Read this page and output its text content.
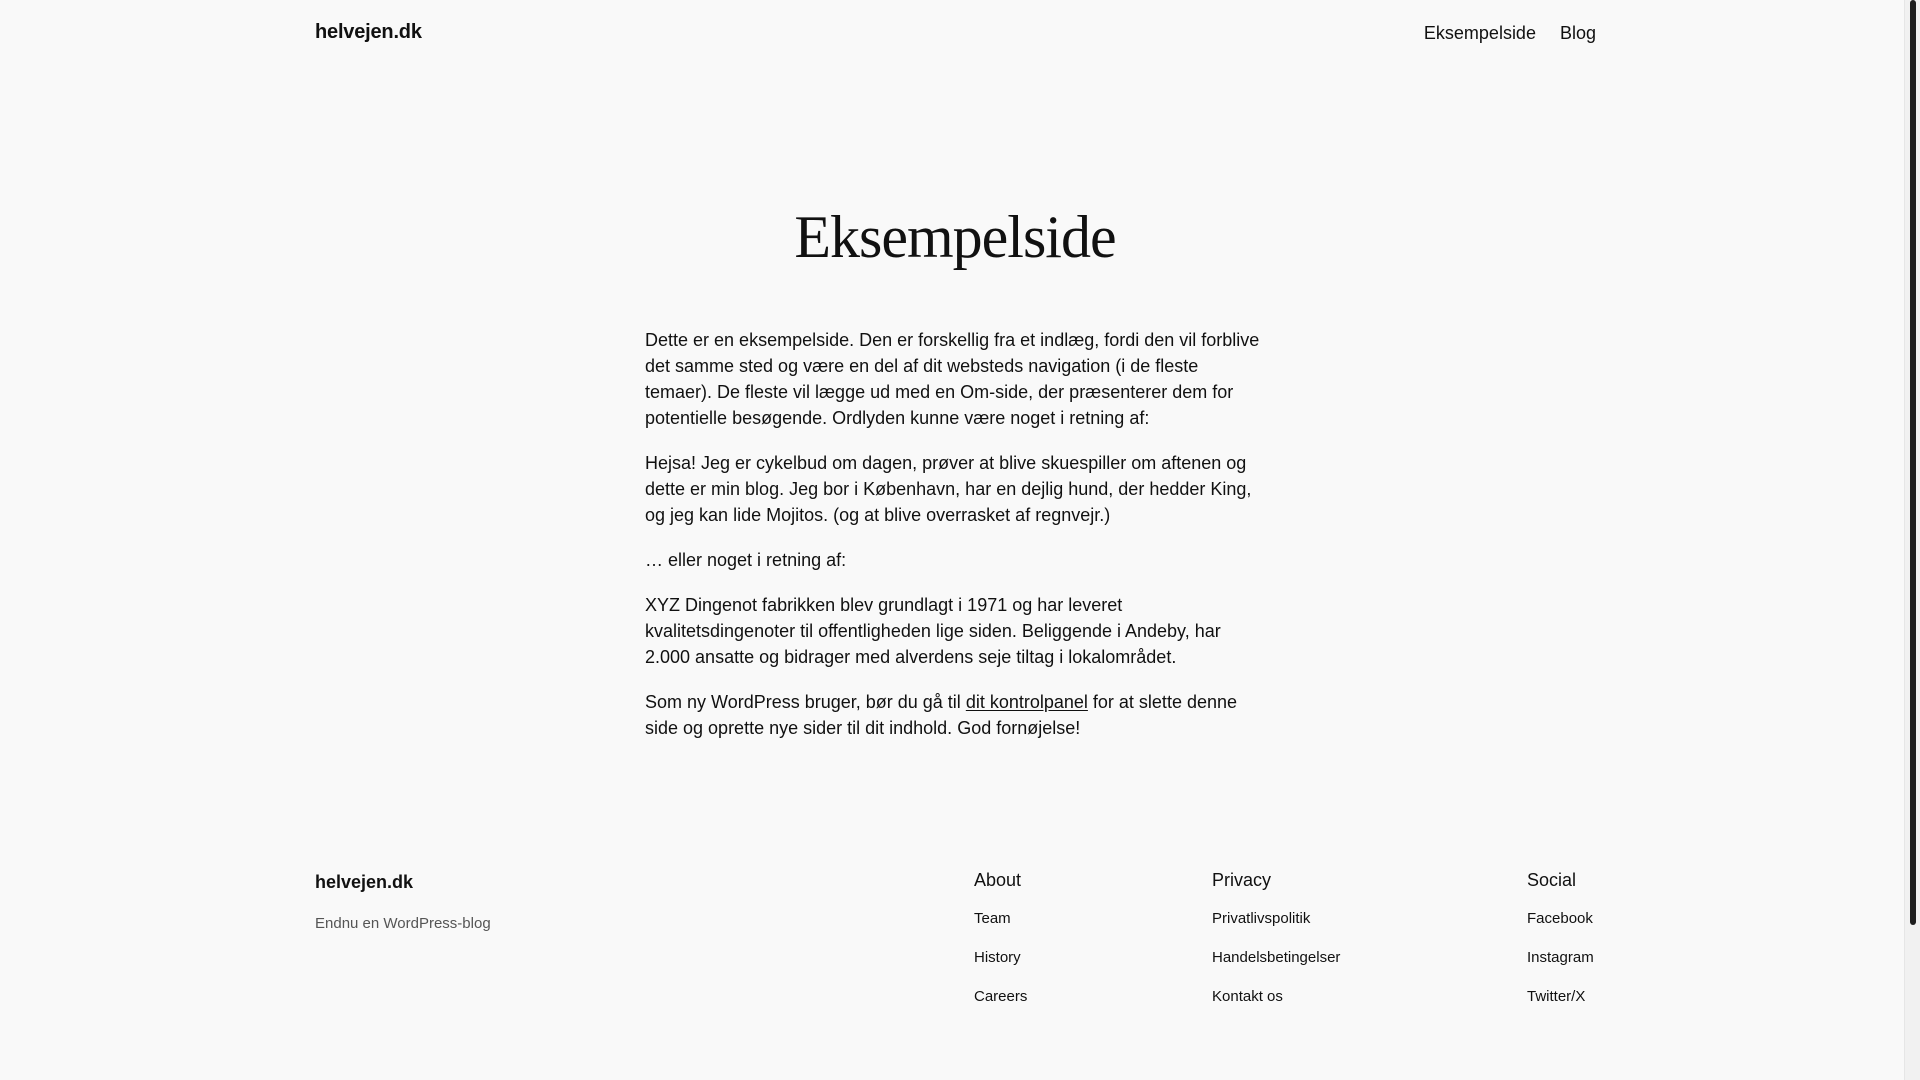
helvejen.dk	Eksempelside Blog
Eksempelside

Dette er en eksempelside. Den er forskellig fra et indlæg, fordi den vil forblive det samme sted og være en del af dit websteds navigation (i de fleste temaer). De fleste vil lægge ud med en Om-side, der præsenterer dem for potentielle besøgende. Ordlyden kunne være noget i retning af:

Hejsa! Jeg er cykelbud om dagen, prøver at blive skuespiller om aftenen og dette er min blog. Jeg bor i København, har en dejlig hund, der hedder King, og jeg kan lide Mojitos. (og at blive overrasket af regnvejr.)

… eller noget i retning af:

XYZ Dingenot fabrikken blev grundlagt i 1971 og har leveret kvalitetsdingenoter til offentligheden lige siden. Beliggende i Andeby, har 2.000 ansatte og bidrager med alverdens seje tiltag i lokalområdet.

Som ny WordPress bruger, bør du gå til dit kontrolpanel for at slette denne side og oprette nye sider til dit indhold. God fornøjelse!

helvejen.dk
Endnu en WordPress-blog
About
Team
History
Careers
Privacy
Privatlivspolitik
Handelsbetingelser
Kontakt os
Social
Facebook
Instagram
Twitter/X
